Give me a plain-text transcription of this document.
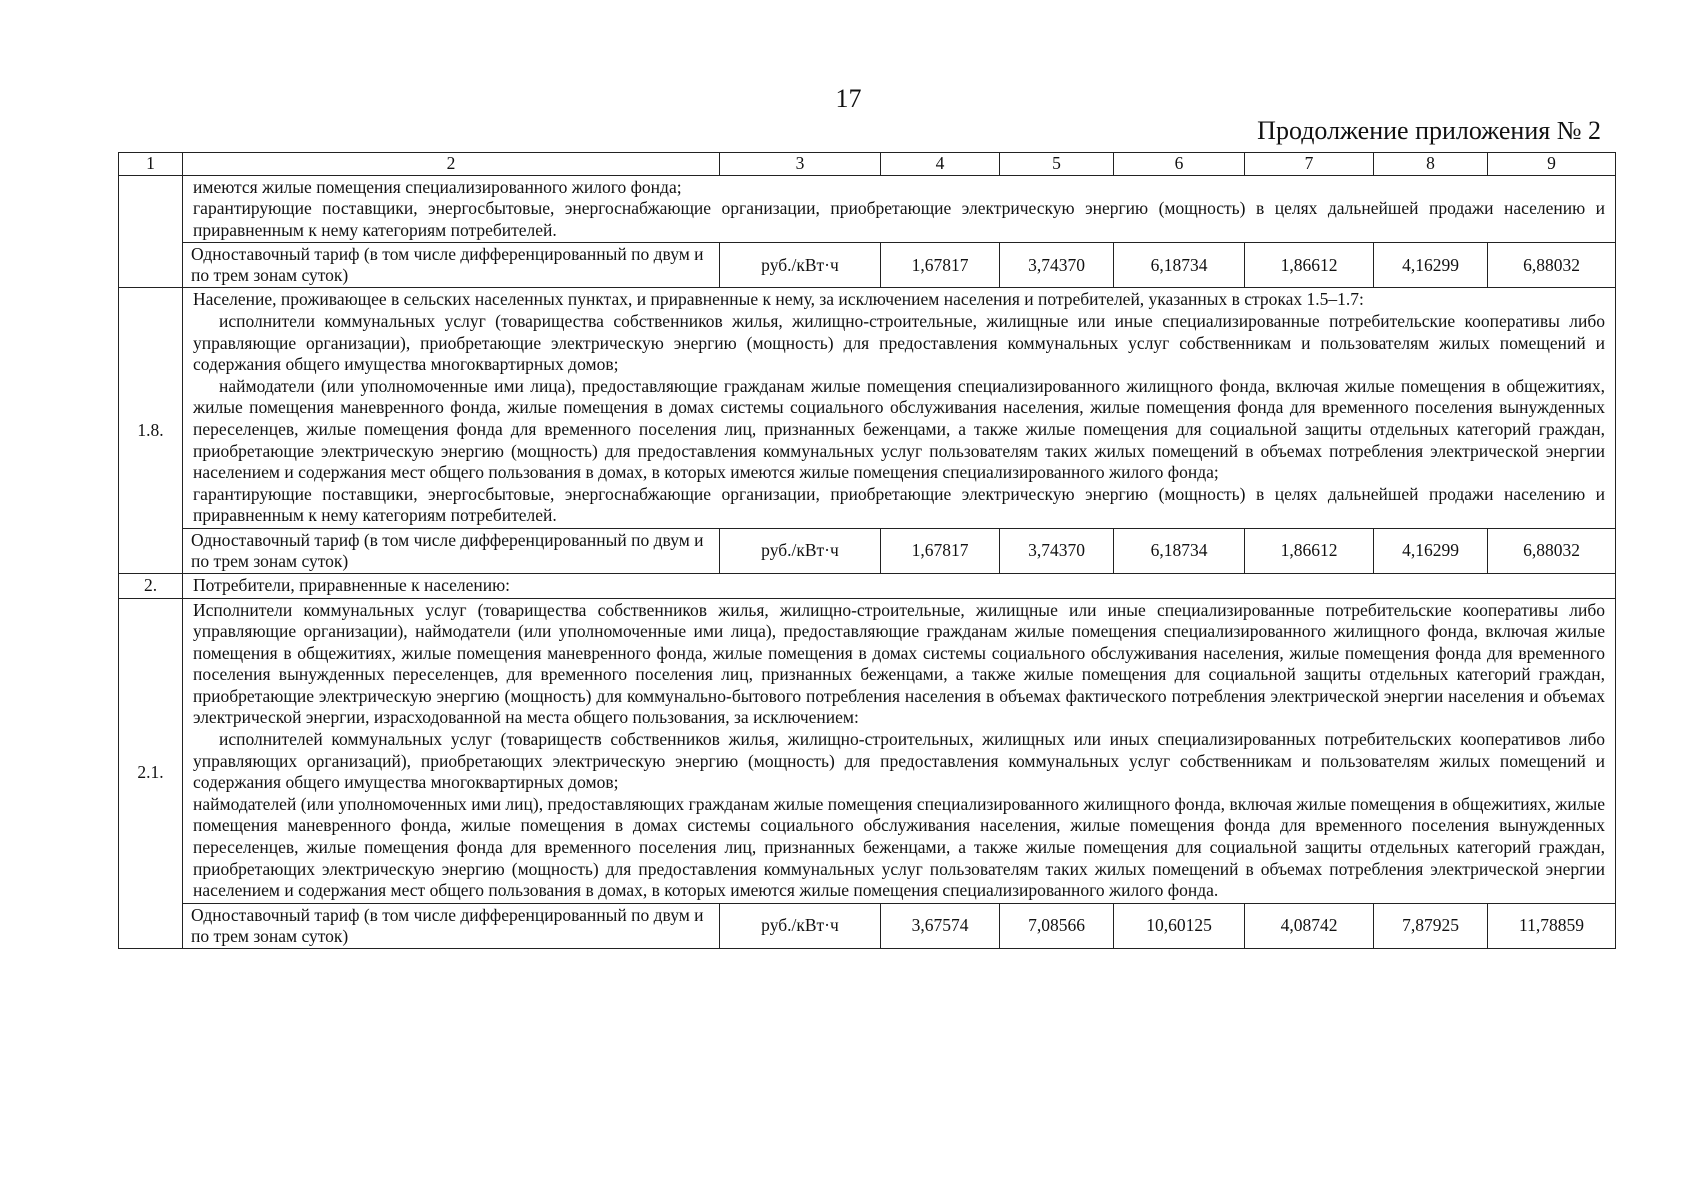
17
Продолжение приложения № 2
1	2	3	4	5	6	7	8	9

	имеются жилые помещения специализированного жилого фонда;

гарантирующие поставщики, энергосбытовые, энергоснабжающие организации, приобретающие электрическую энергию (мощность) в целях дальнейшей продажи населению и приравненным к нему категориям потребителей.							

	Одноставочный тариф (в том числе дифференцированный по двум и по трем зонам суток)	руб./кВт·ч	1,67817	3,74370	6,18734	1,86612	4,16299	6,88032
1.8.	Население, проживающее в сельских населенных пунктах, и приравненные к нему, за исключением населения и потребителей, указанных в строках 1.5–1.7:

исполнители коммунальных услуг (товарищества собственников жилья, жилищно-строительные, жилищные или иные специализированные потребительские кооперативы либо управляющие организации), приобретающие электрическую энергию (мощность) для предоставления коммунальных услуг собственникам и пользователям жилых помещений и содержания общего имущества многоквартирных домов;

наймодатели (или уполномоченные ими лица), предоставляющие гражданам жилые помещения специализированного жилищного фонда, включая жилые помещения в общежитиях, жилые помещения маневренного фонда, жилые помещения в домах системы социального обслуживания населения, жилые помещения фонда для временного поселения вынужденных переселенцев, жилые помещения фонда для временного поселения лиц, признанных беженцами, а также жилые помещения для социальной защиты отдельных категорий граждан, приобретающие электрическую энергию (мощность) для предоставления коммунальных услуг пользователям таких жилых помещений в объемах потребления электрической энергии населением и содержания мест общего пользования в домах, в которых имеются жилые помещения специализированного жилого фонда;

гарантирующие поставщики, энергосбытовые, энергоснабжающие организации, приобретающие электрическую энергию (мощность) в целях дальнейшей продажи населению и приравненным к нему категориям потребителей.							

	Одноставочный тариф (в том числе дифференцированный по двум и по трем зонам суток)	руб./кВт·ч	1,67817	3,74370	6,18734	1,86612	4,16299	6,88032
2.	Потребители, приравненные к населению:							

2.1.	Исполнители коммунальных услуг (товарищества собственников жилья, жилищно-строительные, жилищные или иные специализированные потребительские кооперативы либо управляющие организации), наймодатели (или уполномоченные ими лица), предоставляющие гражданам жилые помещения специализированного жилищного фонда, включая жилые помещения в общежитиях, жилые помещения маневренного фонда, жилые помещения в домах системы социального обслуживания населения, жилые помещения фонда для временного поселения вынужденных переселенцев, для временного поселения лиц, признанных беженцами, а также жилые помещения для социальной защиты отдельных категорий граждан, приобретающие электрическую энергию (мощность) для коммунально-бытового потребления населения в объемах фактического потребления электрической энергии населения и объемах электрической энергии, израсходованной на места общего пользования, за исключением:

исполнителей коммунальных услуг (товариществ собственников жилья, жилищно-строительных, жилищных или иных специализированных потребительских кооперативов либо управляющих организаций), приобретающих электрическую энергию (мощность) для предоставления коммунальных услуг собственникам и пользователям жилых помещений и содержания общего имущества многоквартирных домов;

наймодателей (или уполномоченных ими лиц), предоставляющих гражданам жилые помещения специализированного жилищного фонда, включая жилые помещения в общежитиях, жилые помещения маневренного фонда, жилые помещения в домах системы социального обслуживания населения, жилые помещения фонда для временного поселения вынужденных переселенцев, жилые помещения фонда для временного поселения лиц, признанных беженцами, а также жилые помещения для социальной защиты отдельных категорий граждан, приобретающих электрическую энергию (мощность) для предоставления коммунальных услуг пользователям таких жилых помещений в объемах потребления электрической энергии населением и содержания мест общего пользования в домах, в которых имеются жилые помещения специализированного жилого фонда.							

	Одноставочный тариф (в том числе дифференцированный по двум и по трем зонам суток)	руб./кВт·ч	3,67574	7,08566	10,60125	4,08742	7,87925	11,78859
